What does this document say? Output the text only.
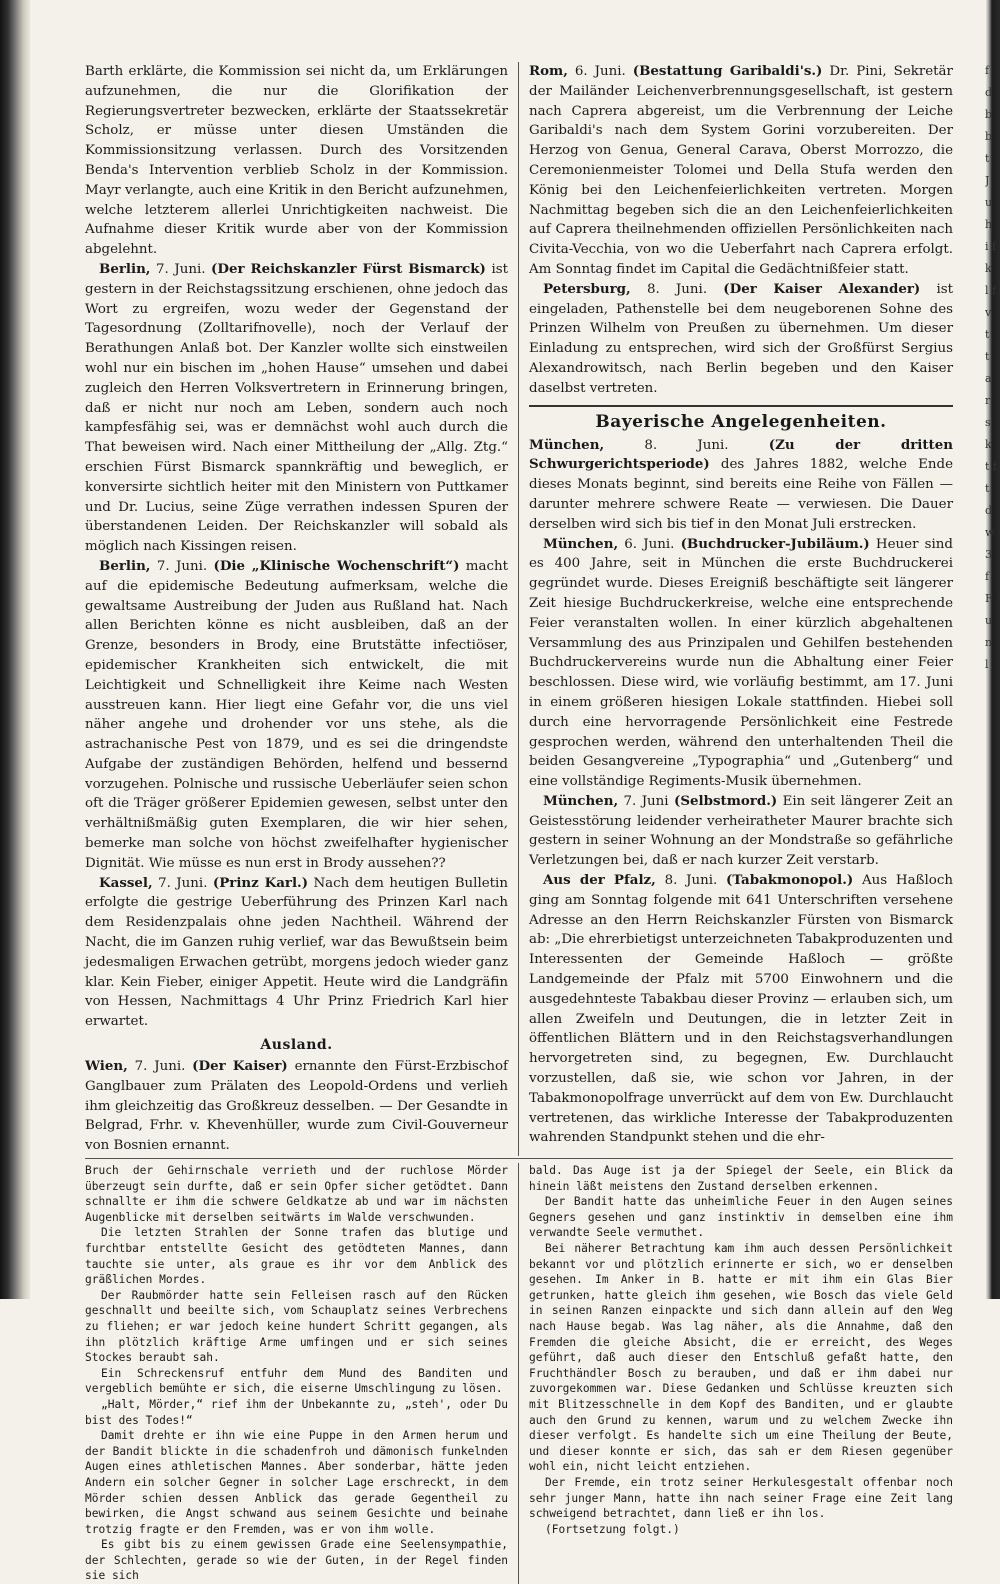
f d b b t J u h i f k l f v t t a r s k t f t d w 3 f F u n l

Barth erklärte, die Kommission sei nicht da, um Erklärungen aufzunehmen, die nur die Glorifikation der Regierungsvertreter bezwecken, erklärte der Staatssekretär Scholz, er müsse unter diesen Umständen die Kommissionsitzung verlassen. Durch des Vorsitzenden Benda's Intervention verblieb Scholz in der Kommission. Mayr verlangte, auch eine Kritik in den Bericht aufzunehmen, welche letzterem allerlei Unrichtigkeiten nachweist. Die Aufnahme dieser Kritik wurde aber von der Kommission abgelehnt.

Berlin, 7. Juni. (Der Reichskanzler Fürst Bismarck) ist gestern in der Reichstagssitzung erschienen, ohne jedoch das Wort zu ergreifen, wozu weder der Gegenstand der Tagesordnung (Zolltarifnovelle), noch der Verlauf der Berathungen Anlaß bot. Der Kanzler wollte sich einstweilen wohl nur ein bischen im „hohen Hause“ umsehen und dabei zugleich den Herren Volksvertretern in Erinnerung bringen, daß er nicht nur noch am Leben, sondern auch noch kampfesfähig sei, was er demnächst wohl auch durch die That beweisen wird. Nach einer Mittheilung der „Allg. Ztg.“ erschien Fürst Bismarck spannkräftig und beweglich, er konversirte sichtlich heiter mit den Ministern von Puttkamer und Dr. Lucius, seine Züge verrathen indessen Spuren der überstandenen Leiden. Der Reichskanzler will sobald als möglich nach Kissingen reisen.

Berlin, 7. Juni. (Die „Klinische Wochenschrift“) macht auf die epidemische Bedeutung aufmerksam, welche die gewaltsame Austreibung der Juden aus Rußland hat. Nach allen Berichten könne es nicht ausbleiben, daß an der Grenze, besonders in Brody, eine Brutstätte infectiöser, epidemischer Krankheiten sich entwickelt, die mit Leichtigkeit und Schnelligkeit ihre Keime nach Westen ausstreuen kann. Hier liegt eine Gefahr vor, die uns viel näher angehe und drohender vor uns stehe, als die astrachanische Pest von 1879, und es sei die dringendste Aufgabe der zuständigen Behörden, helfend und bessernd vorzugehen. Polnische und russische Ueberläufer seien schon oft die Träger größerer Epidemien gewesen, selbst unter den verhältnißmäßig guten Exemplaren, die wir hier sehen, bemerke man solche von höchst zweifelhafter hygienischer Dignität. Wie müsse es nun erst in Brody aussehen??

Kassel, 7. Juni. (Prinz Karl.) Nach dem heutigen Bulletin erfolgte die gestrige Ueberführung des Prinzen Karl nach dem Residenzpalais ohne jeden Nachtheil. Während der Nacht, die im Ganzen ruhig verlief, war das Bewußtsein beim jedesmaligen Erwachen getrübt, morgens jedoch wieder ganz klar. Kein Fieber, einiger Appetit. Heute wird die Landgräfin von Hessen, Nachmittags 4 Uhr Prinz Friedrich Karl hier erwartet.

Ausland.

Wien, 7. Juni. (Der Kaiser) ernannte den Fürst-Erzbischof Ganglbauer zum Prälaten des Leopold-Ordens und verlieh ihm gleichzeitig das Großkreuz desselben. — Der Gesandte in Belgrad, Frhr. v. Khevenhüller, wurde zum Civil-Gouverneur von Bosnien ernannt.

Rom, 6. Juni. (Bestattung Garibaldi's.) Dr. Pini, Sekretär der Mailänder Leichenverbrennungsgesellschaft, ist gestern nach Caprera abgereist, um die Verbrennung der Leiche Garibaldi's nach dem System Gorini vorzubereiten. Der Herzog von Genua, General Carava, Oberst Morrozzo, die Ceremonienmeister Tolomei und Della Stufa werden den König bei den Leichenfeierlichkeiten vertreten. Morgen Nachmittag begeben sich die an den Leichenfeierlichkeiten auf Caprera theilnehmenden offiziellen Persönlichkeiten nach Civita-Vecchia, von wo die Ueberfahrt nach Caprera erfolgt. Am Sonntag findet im Capital die Gedächtnißfeier statt.

Petersburg, 8. Juni. (Der Kaiser Alexander) ist eingeladen, Pathenstelle bei dem neugeborenen Sohne des Prinzen Wilhelm von Preußen zu übernehmen. Um dieser Einladung zu entsprechen, wird sich der Großfürst Sergius Alexandrowitsch, nach Berlin begeben und den Kaiser daselbst vertreten.

Bayerische Angelegenheiten.

München,	8. Juni.	(Zu der dritten Schwurgerichtsperiode) des Jahres 1882, welche Ende dieses Monats beginnt, sind bereits eine Reihe von Fällen — darunter mehrere schwere Reate — verwiesen. Die Dauer derselben wird sich bis tief in den Monat Juli erstrecken.

München, 6. Juni. (Buchdrucker-Jubiläum.) Heuer sind es 400 Jahre, seit in München die erste Buchdruckerei gegründet wurde. Dieses Ereigniß beschäftigte seit längerer Zeit hiesige Buchdruckerkreise, welche eine entsprechende Feier veranstalten wollen. In einer kürzlich abgehaltenen Versammlung des aus Prinzipalen und Gehilfen bestehenden Buchdruckervereins wurde nun die Abhaltung einer Feier beschlossen. Diese wird, wie vorläufig bestimmt, am 17. Juni in einem größeren hiesigen Lokale stattfinden. Hiebei soll durch eine hervorragende Persönlichkeit eine Festrede gesprochen werden, während den unterhaltenden Theil die beiden Gesangvereine „Typographia“ und „Gutenberg“ und eine vollständige Regiments-Musik übernehmen.

München, 7. Juni (Selbstmord.) Ein seit längerer Zeit an Geistesstörung leidender verheiratheter Maurer brachte sich gestern in seiner Wohnung an der Mondstraße so gefährliche Verletzungen bei, daß er nach kurzer Zeit verstarb.

Aus der Pfalz, 8. Juni. (Tabakmonopol.) Aus Haßloch ging am Sonntag folgende mit 641 Unterschriften versehene Adresse an den Herrn Reichskanzler Fürsten von Bismarck ab: „Die ehrerbietigst unterzeichneten Tabakproduzenten und Interessenten der Gemeinde Haßloch — größte Landgemeinde der Pfalz mit 5700 Einwohnern und die ausgedehnteste Tabakbau dieser Provinz — erlauben sich, um allen Zweifeln und Deutungen, die in letzter Zeit in öffentlichen Blättern und in den Reichstagsverhandlungen hervorgetreten sind, zu begegnen, Ew. Durchlaucht vorzustellen, daß sie, wie schon vor Jahren, in der Tabakmonopolfrage unverrückt auf dem von Ew. Durchlaucht vertretenen, das wirkliche Interesse der Tabakproduzenten wahrenden Standpunkt stehen und die ehr-

Bruch der Gehirnschale verrieth und der ruchlose Mörder überzeugt sein durfte, daß er sein Opfer sicher getödtet. Dann schnallte er ihm die schwere Geldkatze ab und war im nächsten Augenblicke mit derselben seitwärts im Walde verschwunden.

Die letzten Strahlen der Sonne trafen das blutige und furchtbar entstellte Gesicht des getödteten Mannes, dann tauchte sie unter, als graue es ihr vor dem Anblick des gräßlichen Mordes.

Der Raubmörder hatte sein Felleisen rasch auf den Rücken geschnallt und beeilte sich, vom Schauplatz seines Verbrechens zu fliehen; er war jedoch keine hundert Schritt gegangen, als ihn plötzlich kräftige Arme umfingen und er sich seines Stockes beraubt sah.

Ein Schreckensruf entfuhr dem Mund des Banditen und vergeblich bemühte er sich, die eiserne Umschlingung zu lösen.

„Halt, Mörder,“ rief ihm der Unbekannte zu, „steh', oder Du bist des Todes!“

Damit drehte er ihn wie eine Puppe in den Armen herum und der Bandit blickte in die schadenfroh und dämonisch funkelnden Augen eines athletischen Mannes. Aber sonderbar, hätte jeden Andern ein solcher Gegner in solcher Lage erschreckt, in dem Mörder schien dessen Anblick das gerade Gegentheil zu bewirken, die Angst schwand aus seinem Gesichte und beinahe trotzig fragte er den Fremden, was er von ihm wolle.

Es gibt bis zu einem gewissen Grade eine Seelensympathie, der Schlechten, gerade so wie der Guten, in der Regel finden sie sich

bald. Das Auge ist ja der Spiegel der Seele, ein Blick da hinein läßt meistens den Zustand derselben erkennen.

Der Bandit hatte das unheimliche Feuer in den Augen seines Gegners gesehen und ganz instinktiv in demselben eine ihm verwandte Seele vermuthet.

Bei näherer Betrachtung kam ihm auch dessen Persönlichkeit bekannt vor und plötzlich erinnerte er sich, wo er denselben gesehen. Im Anker in B. hatte er mit ihm ein Glas Bier getrunken, hatte gleich ihm gesehen, wie Bosch das viele Geld in seinen Ranzen einpackte und sich dann allein auf den Weg nach Hause begab. Was lag näher, als die Annahme, daß den Fremden die gleiche Absicht, die er erreicht, des Weges geführt, daß auch dieser den Entschluß gefaßt hatte, den Fruchthändler Bosch zu berauben, und daß er ihm dabei nur zuvorgekommen war. Diese Gedanken und Schlüsse kreuzten sich mit Blitzesschnelle in dem Kopf des Banditen, und er glaubte auch den Grund zu kennen, warum und zu welchem Zwecke ihn dieser verfolgt. Es handelte sich um eine Theilung der Beute, und dieser konnte er sich, das sah er dem Riesen gegenüber wohl ein, nicht leicht entziehen.

Der Fremde, ein trotz seiner Herkulesgestalt offenbar noch sehr junger Mann, hatte ihn nach seiner Frage eine Zeit lang schweigend betrachtet, dann ließ er ihn los.

(Fortsetzung folgt.)
